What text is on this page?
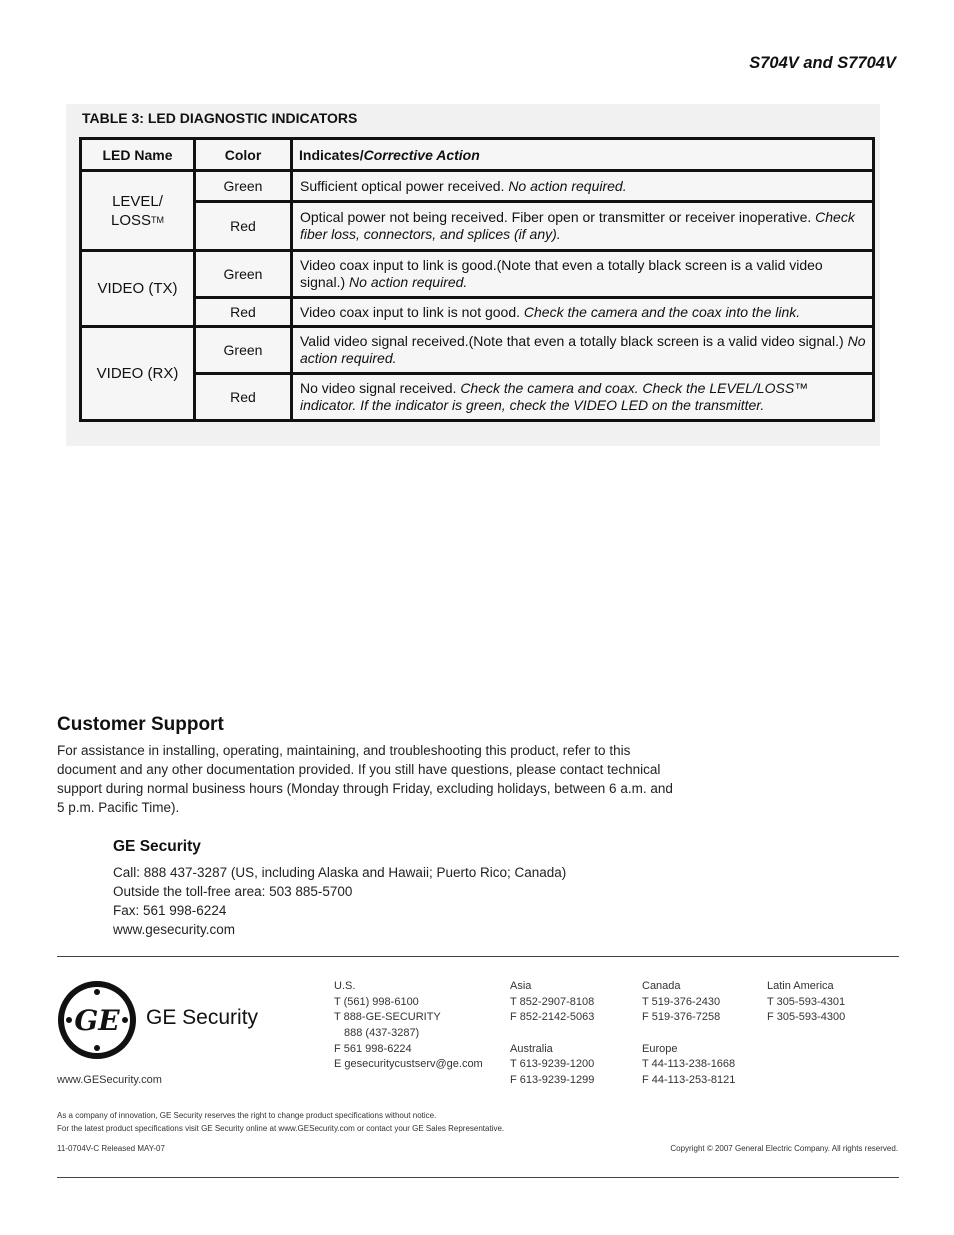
S704V and S7704V
TABLE 3: LED DIAGNOSTIC INDICATORS
LED Name	Color	Indicates/Corrective Action
LEVEL/
LOSSTM	Green	Sufficient optical power received. No action required.
	Red	Optical power not being received. Fiber open or transmitter or receiver inoperative. Check fiber loss, connectors, and splices (if any).
VIDEO (TX)	Green	Video coax input to link is good.(Note that even a totally black screen is a valid video signal.) No action required.
	Red	Video coax input to link is not good. Check the camera and the coax into the link.
VIDEO (RX)	Green	Valid video signal received.(Note that even a totally black screen is a valid video signal.) No action required.
	Red	No video signal received. Check the camera and coax. Check the LEVEL/LOSS™ indicator. If the indicator is green, check the VIDEO LED on the transmitter.
Customer Support
For assistance in installing, operating, maintaining, and troubleshooting this product, refer to this document and any other documentation provided. If you still have questions, please contact technical support during normal business hours (Monday through Friday, excluding holidays, between 6 a.m. and 5 p.m. Pacific Time).
GE Security
Call: 888 437-3287 (US, including Alaska and Hawaii; Puerto Rico; Canada)
Outside the toll-free area: 503 885-5700
Fax: 561 998-6224
www.gesecurity.com
GE GE Security
www.GESecurity.com
U.S.
T (561) 998-6100
T 888-GE-SECURITY
888 (437-3287)
F 561 998-6224
E gesecuritycustserv@ge.com
Asia
T 852-2907-8108
F 852-2142-5063
Australia
T 613-9239-1200
F 613-9239-1299
Canada
T 519-376-2430
F 519-376-7258
Europe
T 44-113-238-1668
F 44-113-253-8121
Latin America
T 305-593-4301
F 305-593-4300
As a company of innovation, GE Security reserves the right to change product specifications without notice.
For the latest product specifications visit GE Security online at www.GESecurity.com or contact your GE Sales Representative.
11-0704V-C Released MAY-07	Copyright © 2007 General Electric Company. All rights reserved.
